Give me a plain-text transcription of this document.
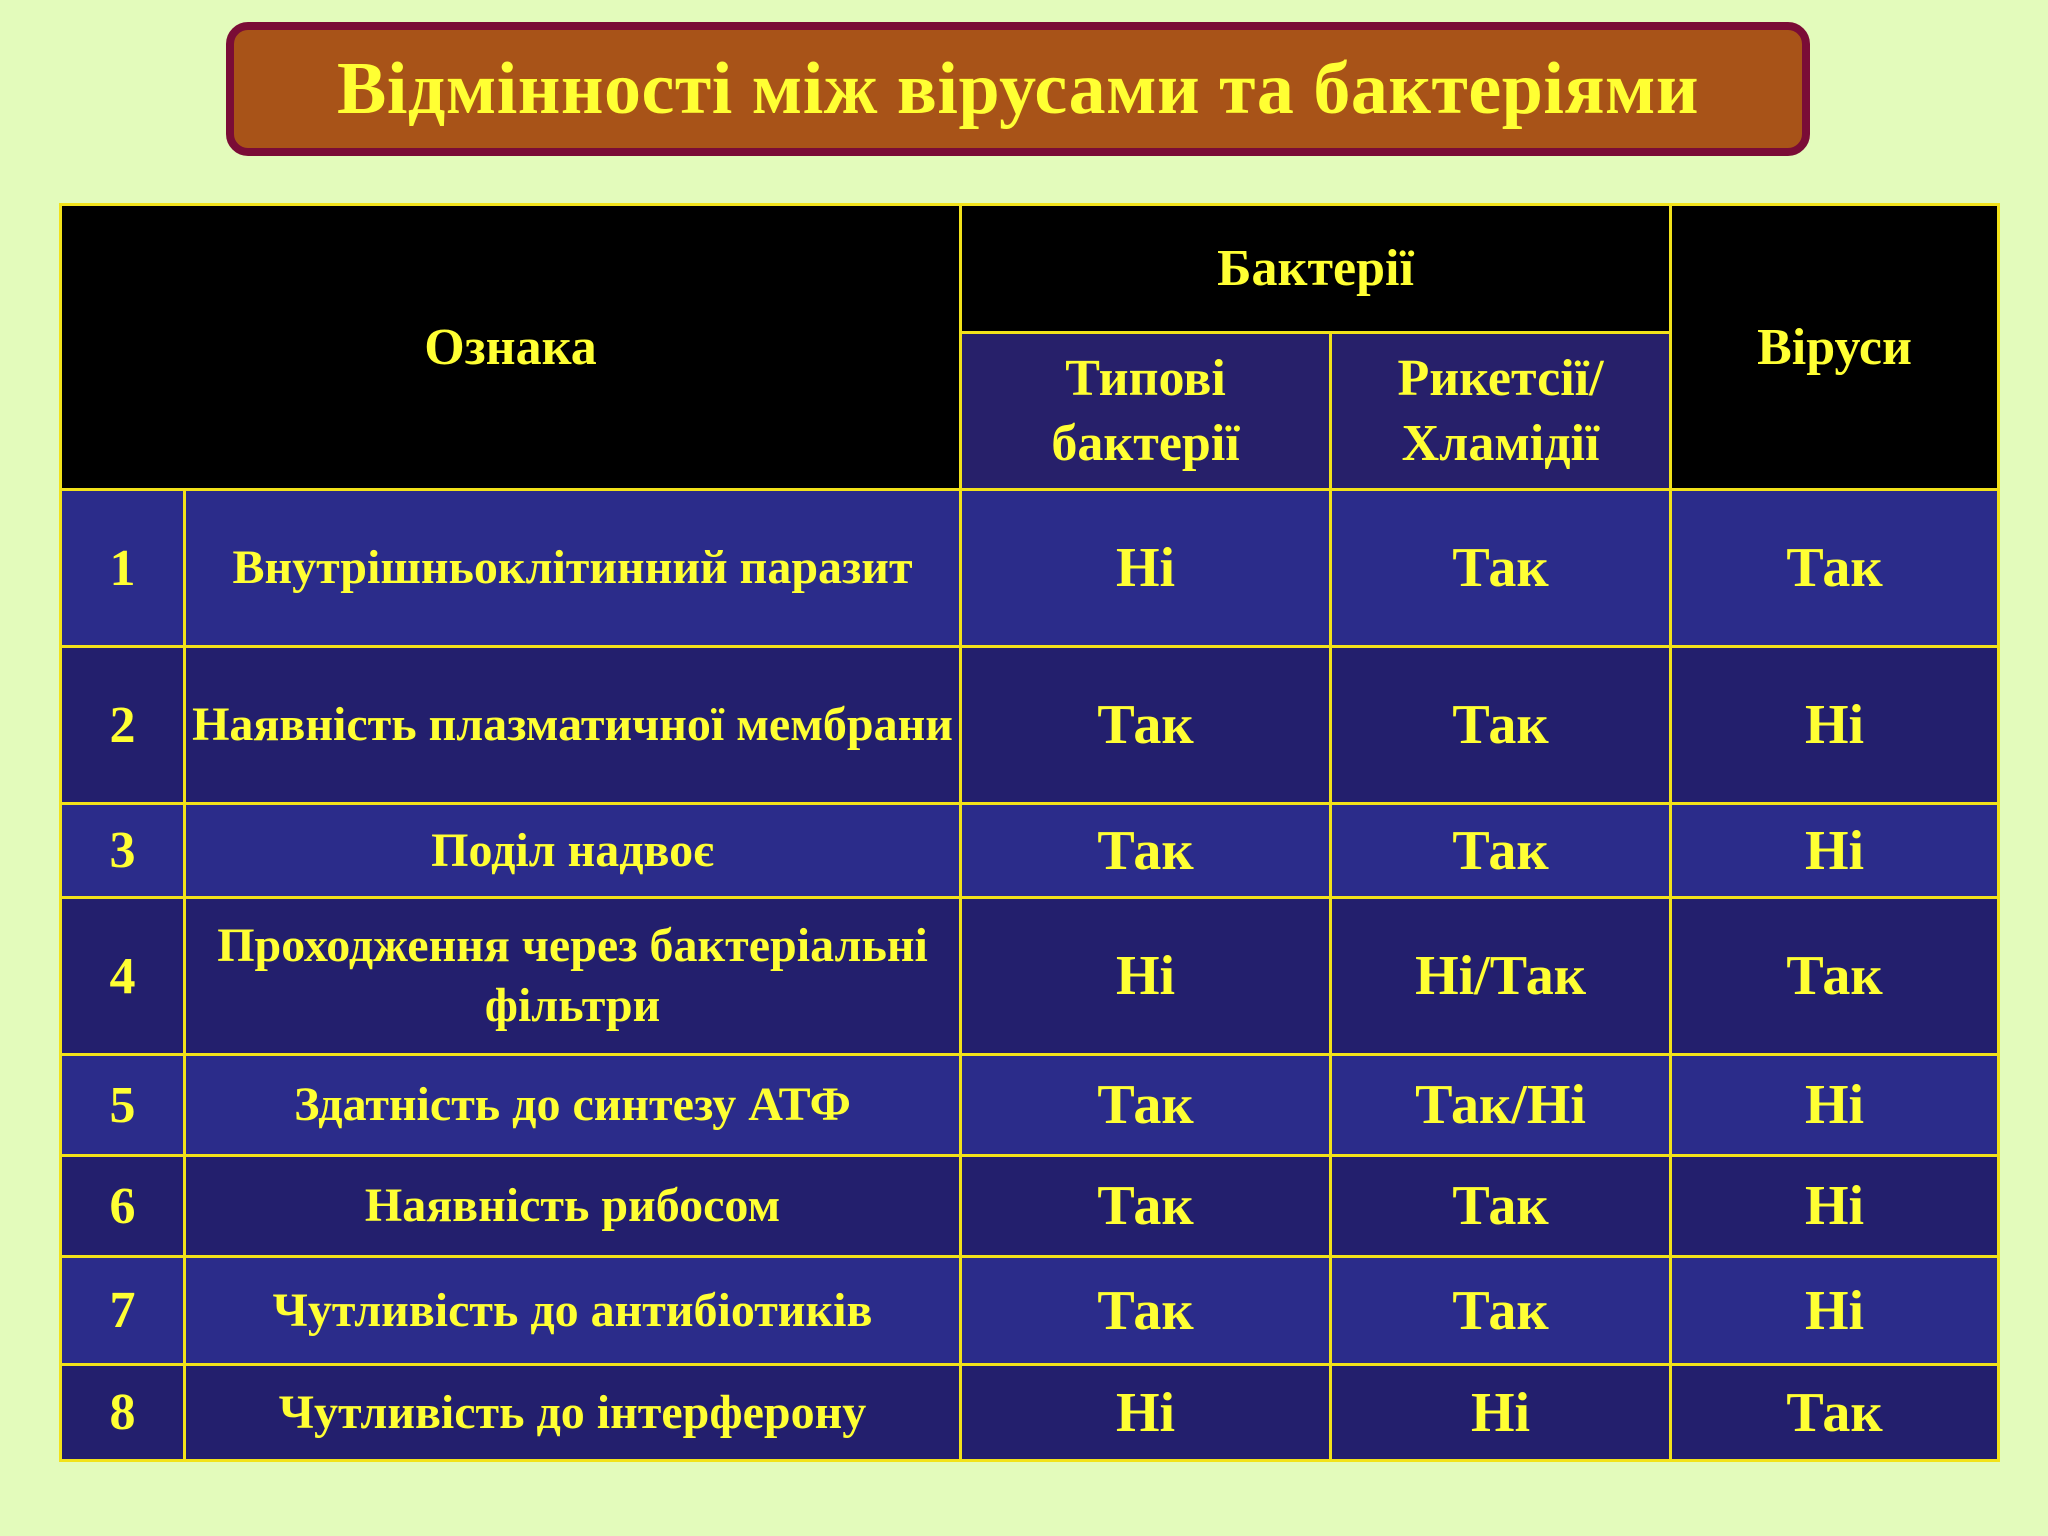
Відмінності між вірусами та бактеріями
Ознака		Бактерії		Віруси
		Типові бактерії	Рикетсії/ Хламідії	
1	Внутрішньоклітинний паразит	Ні	Так	Так
2	Наявність плазматичної мембрани	Так	Так	Ні
3	Поділ надвоє	Так	Так	Ні
4	Проходження через бактеріальні фільтри	Ні	Ні/Так	Так
5	Здатність до синтезу АТФ	Так	Так/Ні	Ні
6	Наявність рибосом	Так	Так	Ні
7	Чутливість до антибіотиків	Так	Так	Ні
8	Чутливість до інтерферону	Ні	Ні	Так
